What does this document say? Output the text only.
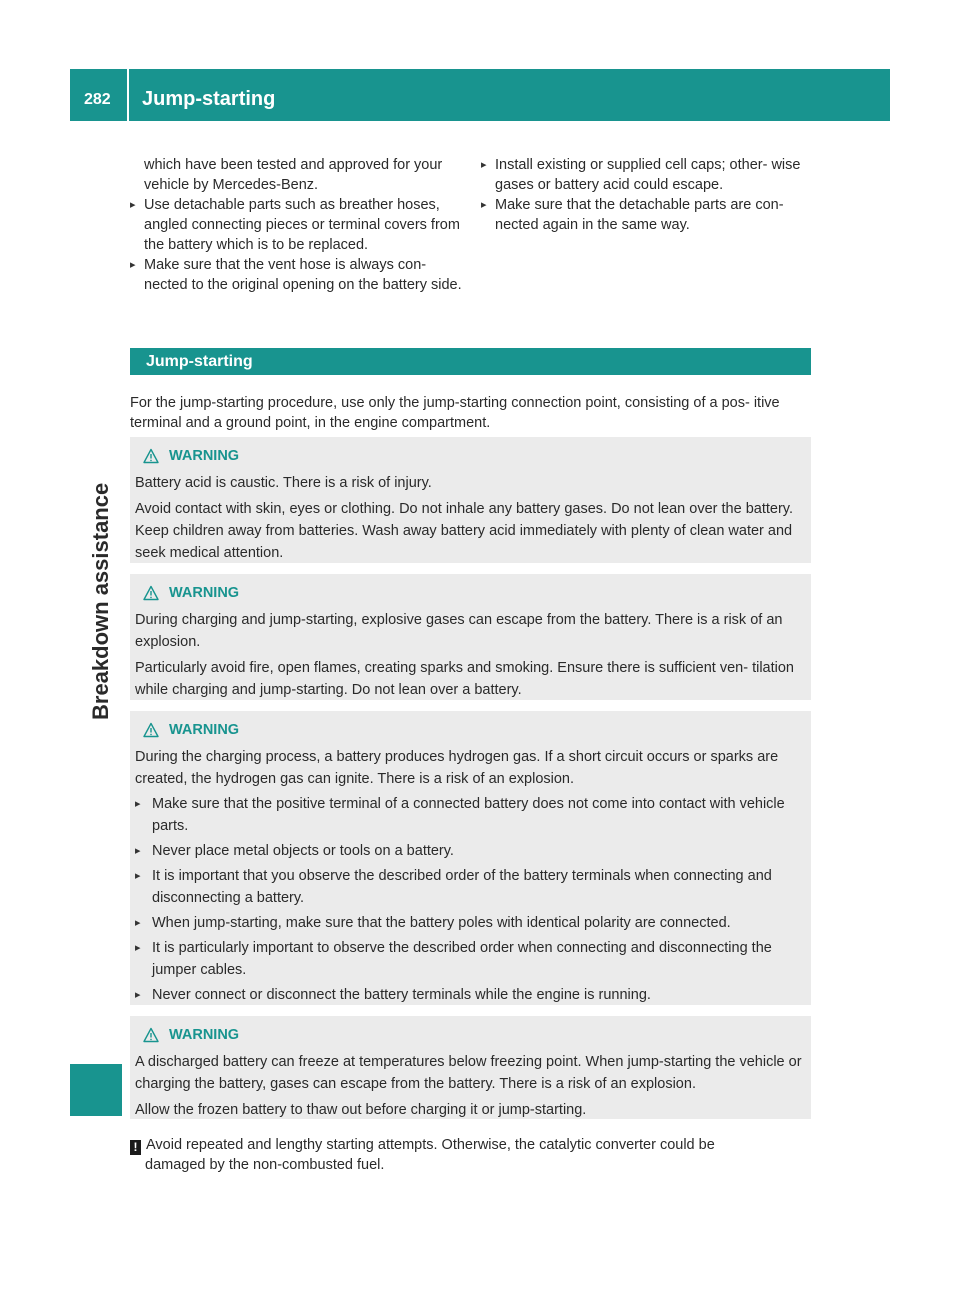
282	Jump-starting
Breakdown assistance

which have been tested and approved for your vehicle by Mercedes-Benz.

▸ Use detachable parts such as breather hoses, angled connecting pieces or terminal covers from the battery which is to be replaced.
▸ Make sure that the vent hose is always con- nected to the original opening on the battery side.
▸ Install existing or supplied cell caps; other- wise gases or battery acid could escape.
▸ Make sure that the detachable parts are con- nected again in the same way.
Jump-starting

For the jump-starting procedure, use only the jump-starting connection point, consisting of a pos- itive terminal and a ground point, in the engine compartment.

WARNING

Battery acid is caustic. There is a risk of injury.

Avoid contact with skin, eyes or clothing. Do not inhale any battery gases. Do not lean over the battery. Keep children away from batteries. Wash away battery acid immediately with plenty of clean water and seek medical attention.

WARNING

During charging and jump-starting, explosive gases can escape from the battery. There is a risk of an explosion.

Particularly avoid fire, open flames, creating sparks and smoking. Ensure there is sufficient ven- tilation while charging and jump-starting. Do not lean over a battery.

WARNING

During the charging process, a battery produces hydrogen gas. If a short circuit occurs or sparks are created, the hydrogen gas can ignite. There is a risk of an explosion.

▸ Make sure that the positive terminal of a connected battery does not come into contact with vehicle parts.
▸ Never place metal objects or tools on a battery.
▸ It is important that you observe the described order of the battery terminals when connecting and disconnecting a battery.
▸ When jump-starting, make sure that the battery poles with identical polarity are connected.
▸ It is particularly important to observe the described order when connecting and disconnecting the jumper cables.
▸ Never connect or disconnect the battery terminals while the engine is running.
WARNING

A discharged battery can freeze at temperatures below freezing point. When jump-starting the vehicle or charging the battery, gases can escape from the battery. There is a risk of an explosion.

Allow the frozen battery to thaw out before charging it or jump-starting.

! Avoid repeated and lengthy starting attempts. Otherwise, the catalytic converter could be
damaged by the non-combusted fuel.
